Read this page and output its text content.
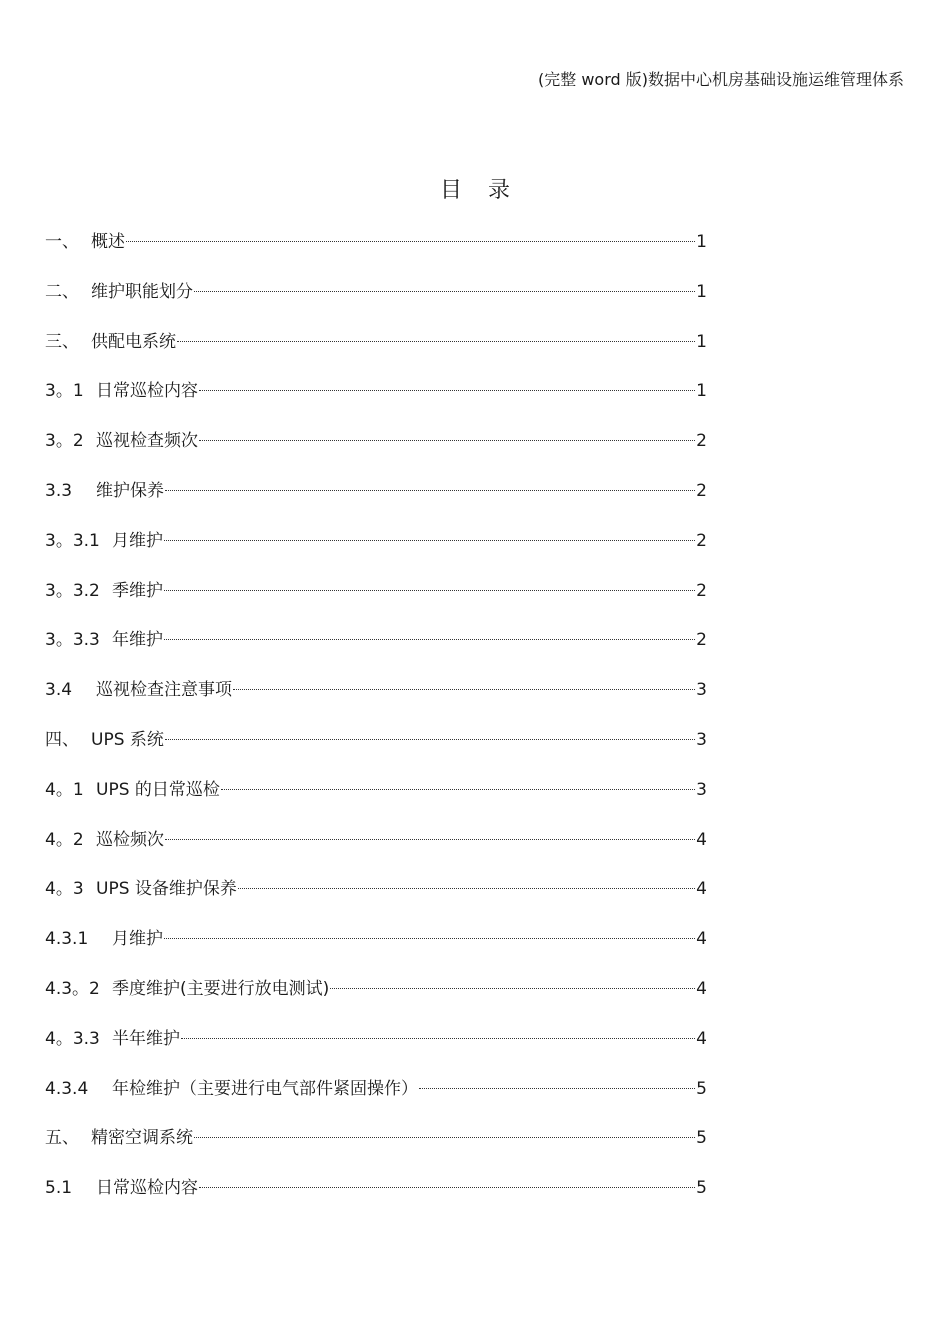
(完整 word 版)数据中心机房基础设施运维管理体系
目录
一、 概述	1
二、 维护职能划分	1
三、 供配电系统	1
3。1 日常巡检内容	1
3。2 巡视检查频次	2
3.3	维护保养	2
3。3.1 月维护	2
3。3.2 季维护	2
3。3.3 年维护	2
3.4	巡视检查注意事项	3
四、 UPS 系统	3
4。1 UPS 的日常巡检	3
4。2 巡检频次	4
4。3 UPS 设备维护保养	4
4.3.1	月维护	4
4.3。2 季度维护(主要进行放电测试)	4
4。3.3 半年维护	4
4.3.4	年检维护（主要进行电气部件紧固操作）	5
五、 精密空调系统	5
5.1	日常巡检内容	5
